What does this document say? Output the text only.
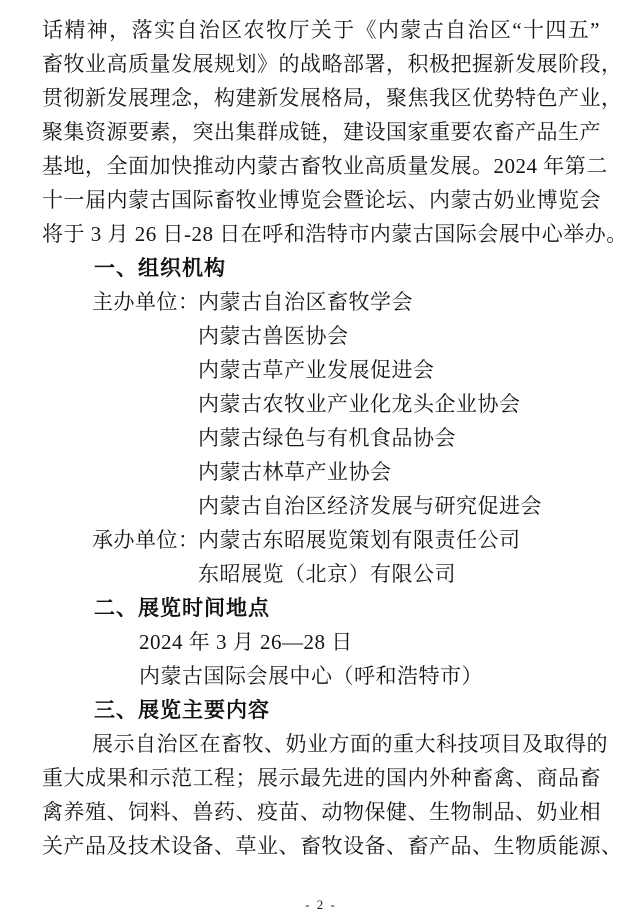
话精神，落实自治区农牧厅关于《内蒙古自治区“十四五”
畜牧业高质量发展规划》的战略部署，积极把握新发展阶段，
贯彻新发展理念，构建新发展格局，聚焦我区优势特色产业，
聚集资源要素，突出集群成链，建设国家重要农畜产品生产
基地，全面加快推动内蒙古畜牧业高质量发展。2024 年第二
十一届内蒙古国际畜牧业博览会暨论坛、内蒙古奶业博览会
将于 3 月 26 日-28 日在呼和浩特市内蒙古国际会展中心举办。
一、组织机构
主办单位：内蒙古自治区畜牧学会
内蒙古兽医协会
内蒙古草产业发展促进会
内蒙古农牧业产业化龙头企业协会
内蒙古绿色与有机食品协会
内蒙古林草产业协会
内蒙古自治区经济发展与研究促进会
承办单位：内蒙古东昭展览策划有限责任公司
东昭展览（北京）有限公司
二、展览时间地点
2024 年 3 月 26—28 日
内蒙古国际会展中心（呼和浩特市）
三、展览主要内容
展示自治区在畜牧、奶业方面的重大科技项目及取得的
重大成果和示范工程；展示最先进的国内外种畜禽、商品畜
禽养殖、饲料、兽药、疫苗、动物保健、生物制品、奶业相
关产品及技术设备、草业、畜牧设备、畜产品、生物质能源、
- 2 -
